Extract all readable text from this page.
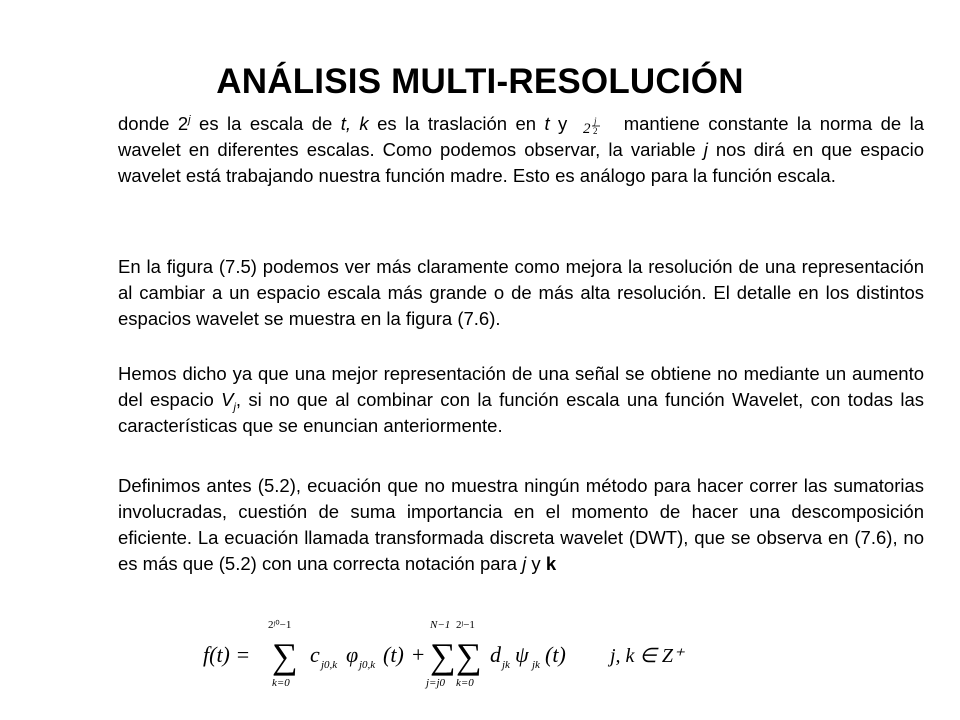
ANÁLISIS MULTI-RESOLUCIÓN
donde 2$^j$ es la escala de t, k es la traslación en t y 2 j
2 mantiene constante la norma de la wavelet en diferentes escalas. Como podemos observar, la variable j nos dirá en que espacio wavelet está trabajando nuestra función madre. Esto es análogo para la función escala.
En la figura (7.5) podemos ver más claramente como mejora la resolución de una representación al cambiar a un espacio escala más grande o de más alta resolución. El detalle en los distintos espacios wavelet se muestra en la figura (7.6).
Hemos dicho ya que una mejor representación de una señal se obtiene no mediante un aumento del espacio $V_j$, si no que al combinar con la función escala una función Wavelet, con todas las características que se enuncian anteriormente.
Definimos antes (5.2), ecuación que no muestra ningún método para hacer correr las sumatorias involucradas, cuestión de suma importancia en el momento de hacer una descomposición eficiente. La ecuación llamada transformada discreta wavelet (DWT), que se observa en (7.6), no es más que (5.2) con una correcta notación para j y k
f(t) =
2ʲ⁰−1
∑
k=0
c j0,k φ j0,k (t) +
N−1
∑
j=j0
2ʲ−1
∑
k=0
d jk ψ jk (t) j, k ∈ Z⁺
